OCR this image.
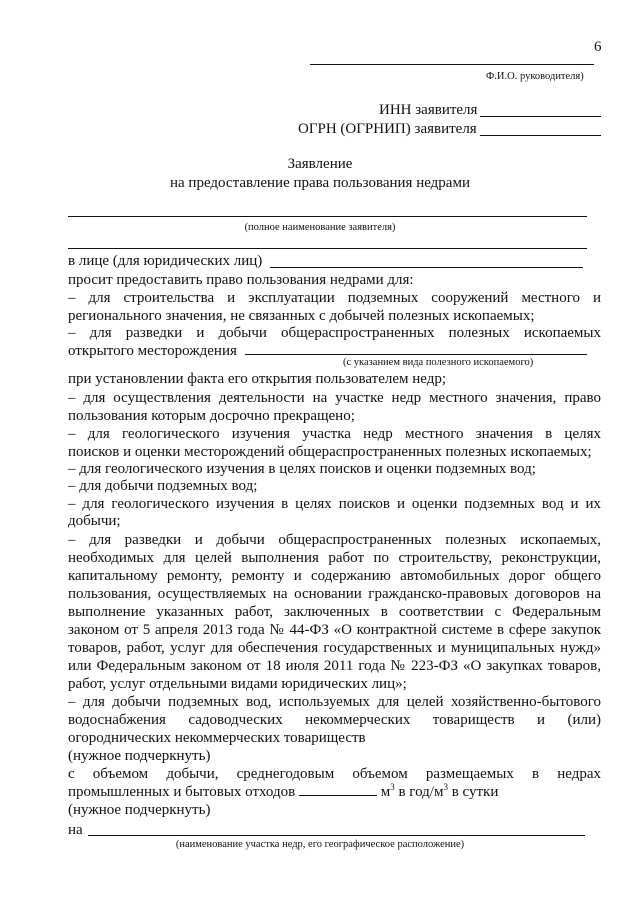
6
Ф.И.О. руководителя)
ИНН заявителя
ОГРН (ОГРНИП) заявителя
Заявление
на предоставление права пользования недрами
(полное наименование заявителя)
в лице (для юридических лиц)
просит предоставить право пользования недрами для:
– для строительства и эксплуатации подземных сооружений местного и
регионального значения, не связанных с добычей полезных ископаемых;
– для разведки и добычи общераспространенных полезных ископаемых
открытого месторождения
(с указанием вида полезного ископаемого)
при установлении факта его открытия пользователем недр;
– для осуществления деятельности на участке недр местного значения, право
пользования которым досрочно прекращено;
– для геологического изучения участка недр местного значения в целях
поисков и оценки месторождений общераспространенных полезных ископаемых;
– для геологического изучения в целях поисков и оценки подземных вод;
– для добычи подземных вод;
– для геологического изучения в целях поисков и оценки подземных вод и их
добычи;
– для разведки и добычи общераспространенных полезных ископаемых,
необходимых для целей выполнения работ по строительству, реконструкции,
капитальному ремонту, ремонту и содержанию автомобильных дорог общего
пользования, осуществляемых на основании гражданско-правовых договоров на
выполнение указанных работ, заключенных в соответствии с Федеральным
законом от 5 апреля 2013 года № 44-ФЗ «О контрактной системе в сфере закупок
товаров, работ, услуг для обеспечения государственных и муниципальных нужд»
или Федеральным законом от 18 июля 2011 года № 223-ФЗ «О закупках товаров,
работ, услуг отдельными видами юридических лиц»;
– для добычи подземных вод, используемых для целей хозяйственно-бытового
водоснабжения садоводческих некоммерческих товариществ и (или)
огороднических некоммерческих товариществ
(нужное подчеркнуть)
с объемом добычи, среднегодовым объемом размещаемых в недрах
промышленных и бытовых отходов	$м^3$ в год/$м^3$ в сутки
(нужное подчеркнуть)
на
(наименование участка недр, его географическое расположение)
